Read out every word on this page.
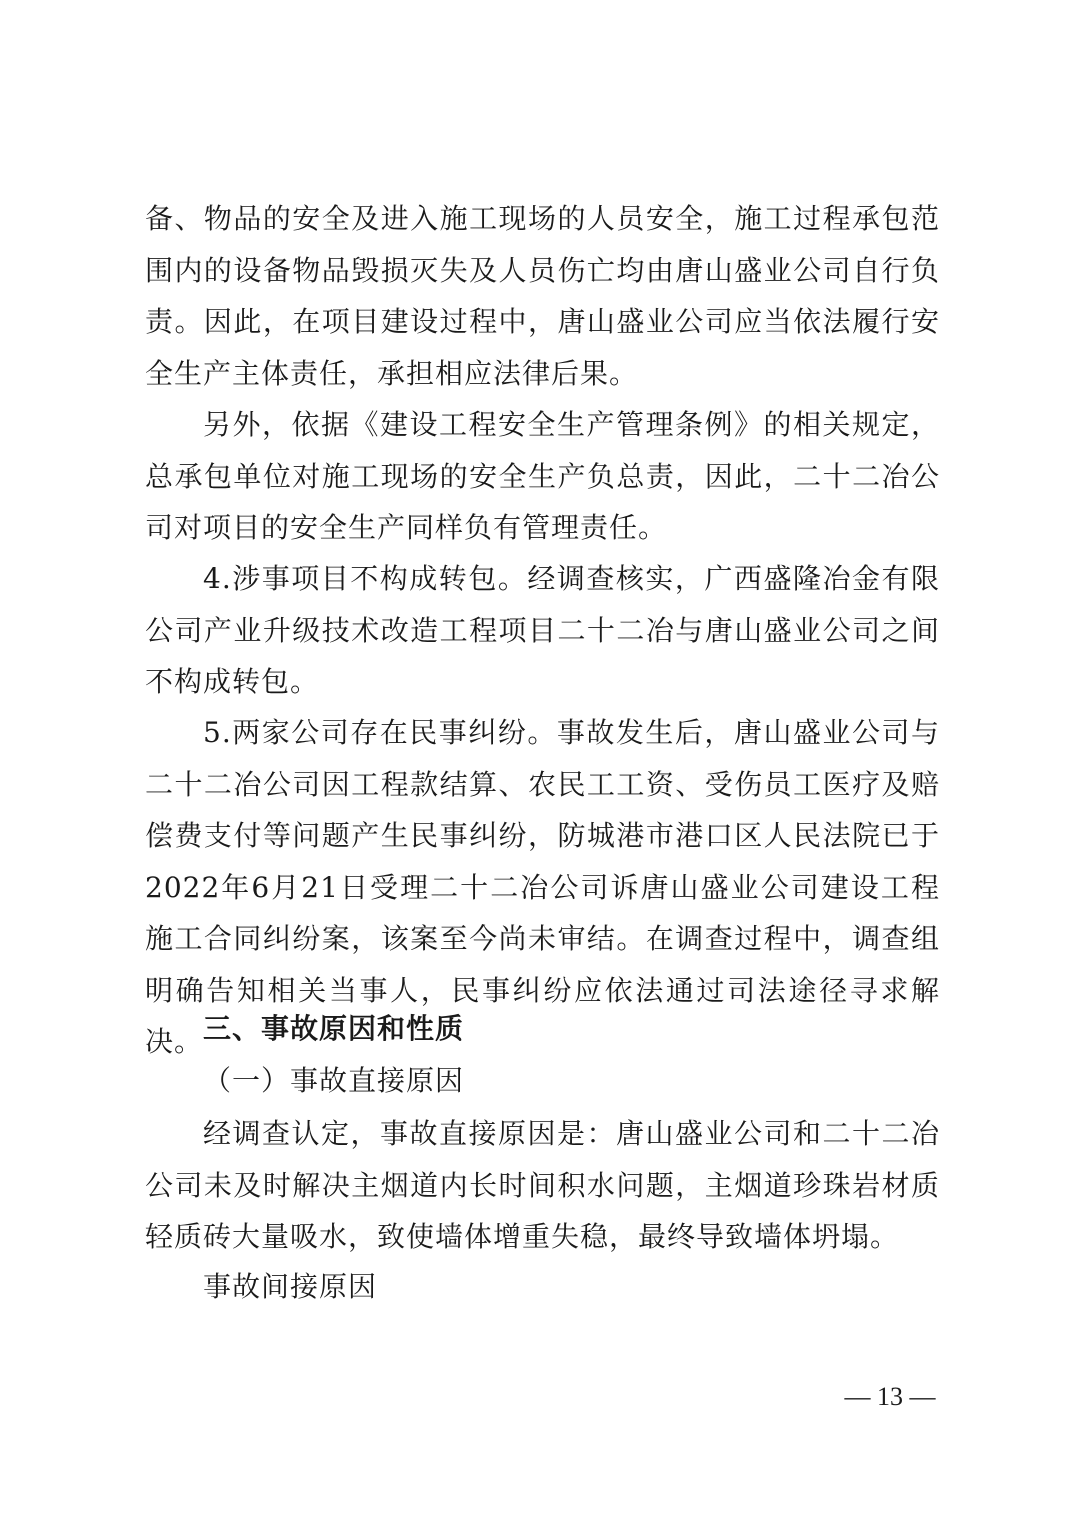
备、物品的安全及进入施工现场的人员安全，施工过程承包范围内的设备物品毁损灭失及人员伤亡均由唐山盛业公司自行负责。因此，在项目建设过程中，唐山盛业公司应当依法履行安全生产主体责任，承担相应法律后果。

另外，依据《建设工程安全生产管理条例》的相关规定，总承包单位对施工现场的安全生产负总责，因此，二十二冶公司对项目的安全生产同样负有管理责任。

4.涉事项目不构成转包。经调查核实，广西盛隆冶金有限公司产业升级技术改造工程项目二十二冶与唐山盛业公司之间不构成转包。

5.两家公司存在民事纠纷。事故发生后，唐山盛业公司与二十二冶公司因工程款结算、农民工工资、受伤员工医疗及赔偿费支付等问题产生民事纠纷，防城港市港口区人民法院已于2022年6月21日受理二十二冶公司诉唐山盛业公司建设工程施工合同纠纷案，该案至今尚未审结。在调查过程中，调查组明确告知相关当事人，民事纠纷应依法通过司法途径寻求解决。 三、事故原因和性质

（一）事故直接原因

经调查认定，事故直接原因是：唐山盛业公司和二十二冶公司未及时解决主烟道内长时间积水问题，主烟道珍珠岩材质轻质砖大量吸水，致使墙体增重失稳，最终导致墙体坍塌。

事故间接原因

— 13 —
